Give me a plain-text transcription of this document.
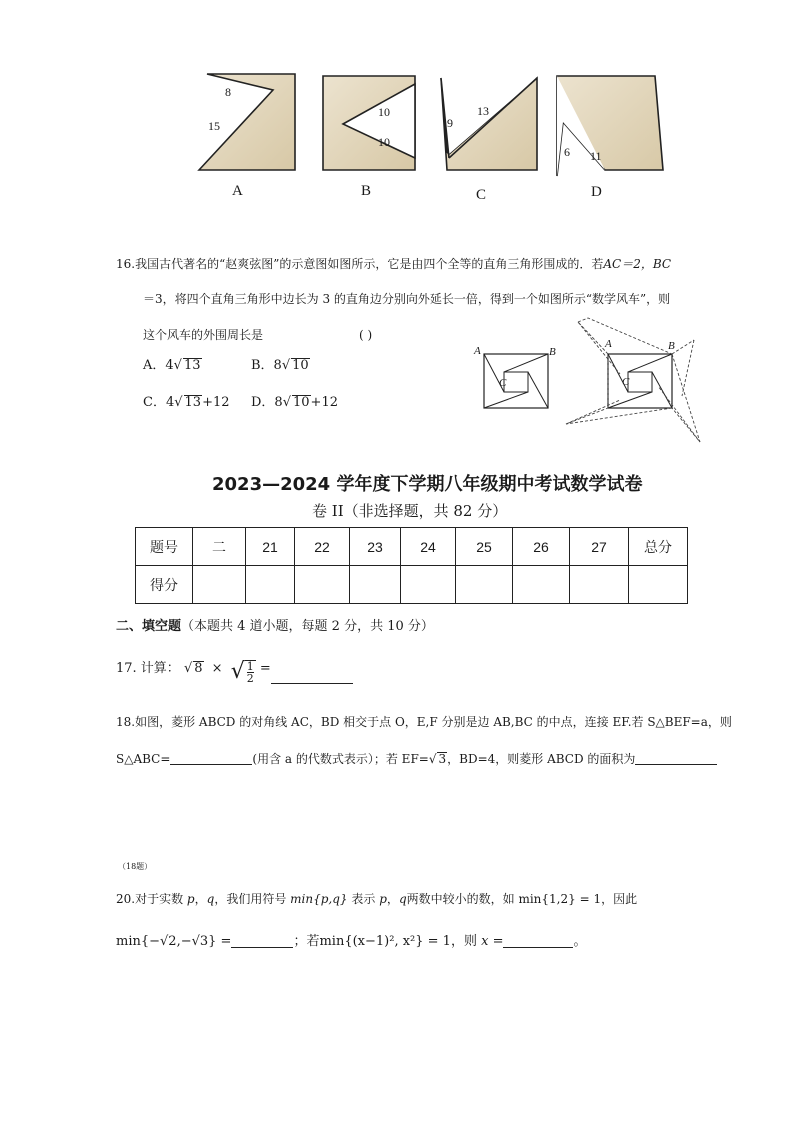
8
15
A
10
10
B
9
13
C
6 11
D
16.我国古代著名的“赵爽弦图”的示意图如图所示，它是由四个全等的直角三角形围成的．若AC＝2，BC
＝3，将四个直角三角形中边长为 3 的直角边分别向外延长一倍，得到一个如图所示“数学风车”，则
这个风车的外围周长是	( )
A．4√ 13	B．8√ 10
C．4√ 13+12 D．8√ 10+12
A	B
C
A	B
C
2023—2024 学年度下学期八年级期中考试数学试卷
卷 II（非选择题，共 82 分）
题号	二	21	22	23	24	25	26	27	总分
得分									
二、填空题（本题共 4 道小题，每题 2 分，共 10 分）
17. 计算： √ 8 × √ $\frac{1}{2}$ =
18.如图，菱形 ABCD 的对角线 AC，BD 相交于点 O，E,F 分别是边 AB,BC 的中点，连接 EF.若 S△BEF=a，则
S△ABC=	(用含 a 的代数式表示）；若 EF=√ 3，BD=4，则菱形 ABCD 的面积为
（18题）
20.对于实数 p，q，我们用符号 min{p,q} 表示 p，q两数中较小的数，如 min{1,2} = 1，因此
min{−√2,−√3} =	；若min{(x−1)², x²} = 1，则 x =	。
